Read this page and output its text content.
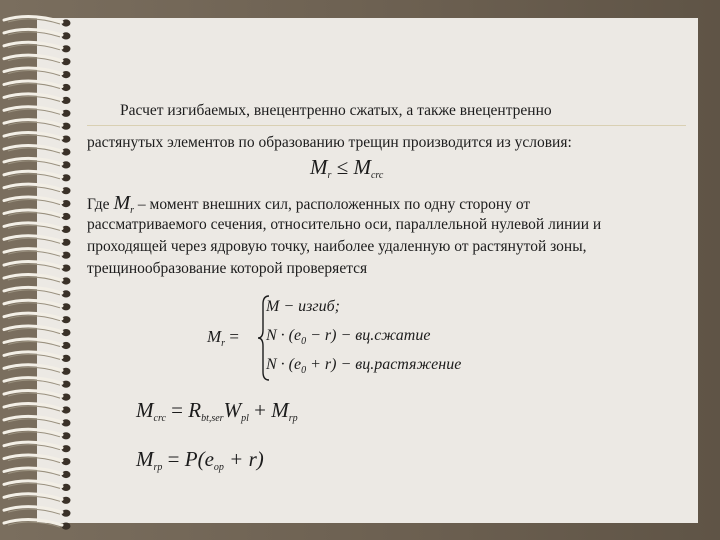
Расчет изгибаемых, внецентренно сжатых, а также внецентренно
растянутых элементов по образованию трещин производится из условия:
$M_r \le M_{crc}$
Где $M_r$ – момент внешних сил, расположенных по одну сторону от
рассматриваемого сечения, относительно оси, параллельной нулевой линии и
проходящей через ядровую точку, наиболее удаленную от растянутой зоны,
трещинообразование которой проверяется
$M_r$ =
M − изгиб;
$N \cdot (e_0 - r)$ − вц.сжатие
$N \cdot (e_0 + r)$ − вц.растяжение
$M_{crc} = R_{bt,ser}W_{pl} + M_{rp}$
$M_{rp} = P(e_{op} + r)$
